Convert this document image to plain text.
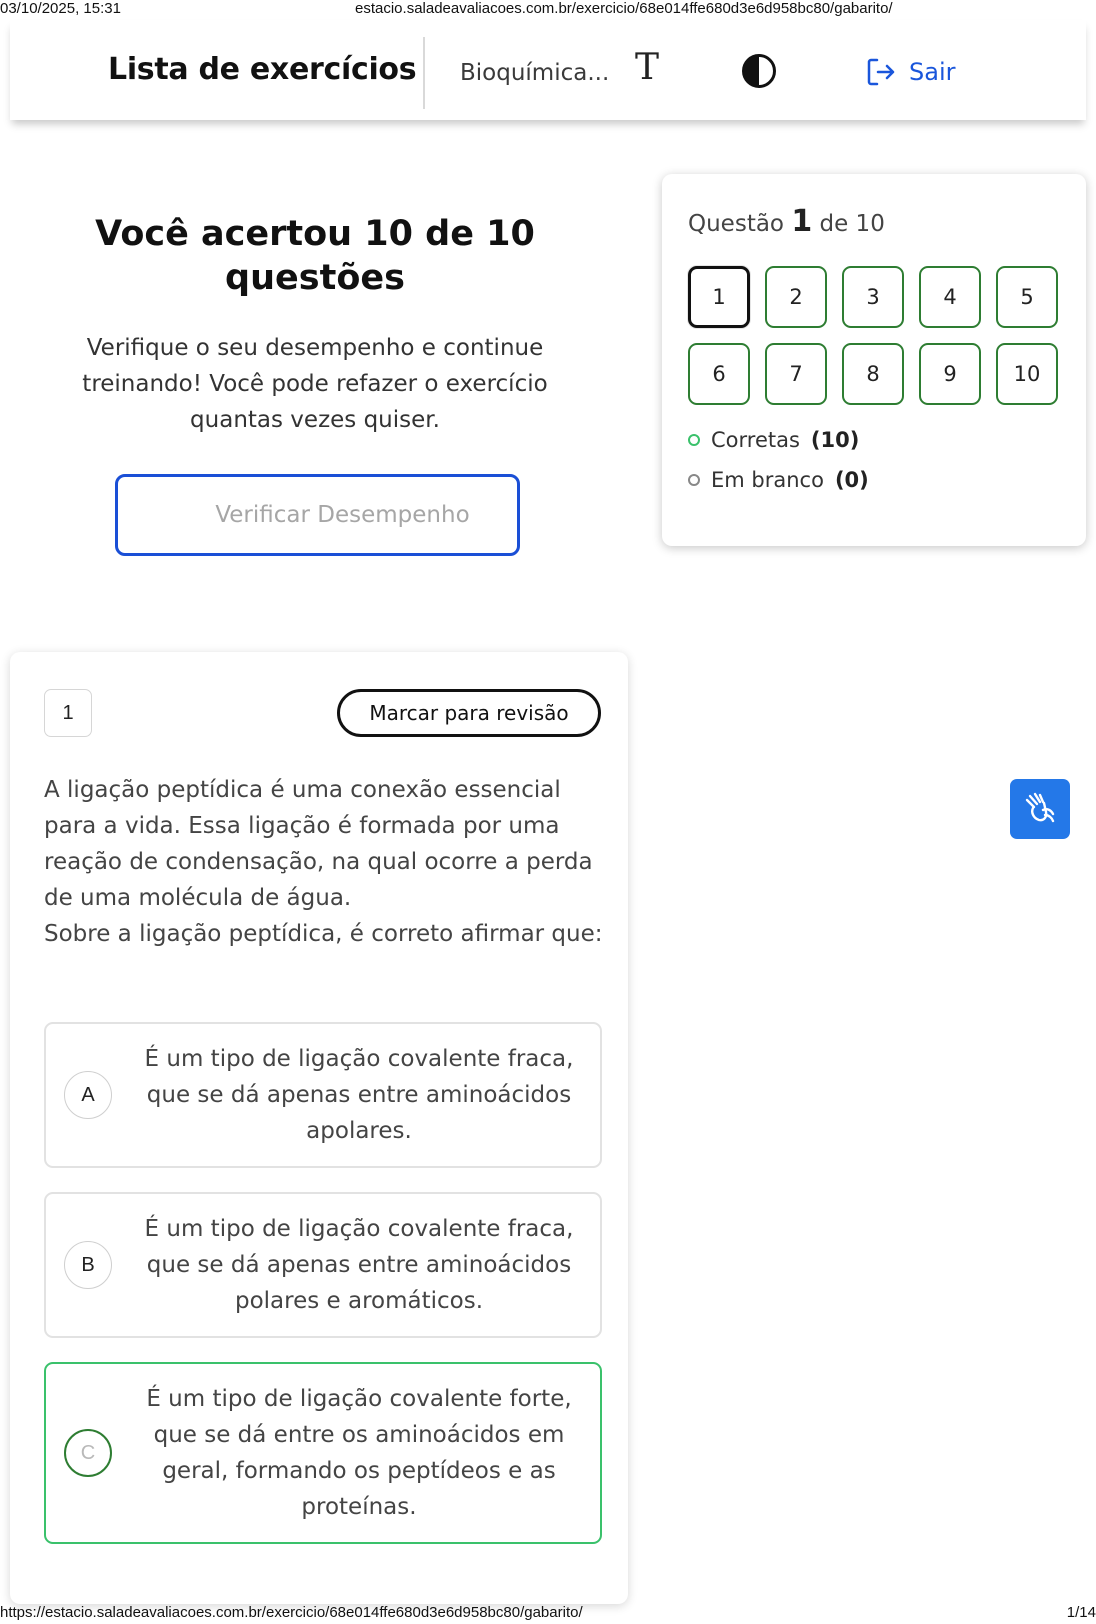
03/10/2025, 15:31	estacio.saladeavaliacoes.com.br/exercicio/68e014ffe680d3e6d958bc80/gabarito/
Lista de exercícios Bioquímica... T	Sair
Você acertou 10 de 10 questões
Verifique o seu desempenho e continue treinando! Você pode refazer o exercício quantas vezes quiser.
Verificar Desempenho
Questão 1 de 10
1	2	3	4	5
6	7	8	9	10
Corretas (10)
Em branco (0)
1	Marcar para revisão
A ligação peptídica é uma conexão essencial para a vida. Essa ligação é formada por uma reação de condensação, na qual ocorre a perda de uma molécula de água.
Sobre a ligação peptídica, é correto afirmar que:
A
É um tipo de ligação covalente fraca, que se dá apenas entre aminoácidos apolares.
B
É um tipo de ligação covalente fraca, que se dá apenas entre aminoácidos polares e aromáticos.
C
É um tipo de ligação covalente forte, que se dá entre os aminoácidos em geral, formando os peptídeos e as proteínas.
https://estacio.saladeavaliacoes.com.br/exercicio/68e014ffe680d3e6d958bc80/gabarito/	1/14
